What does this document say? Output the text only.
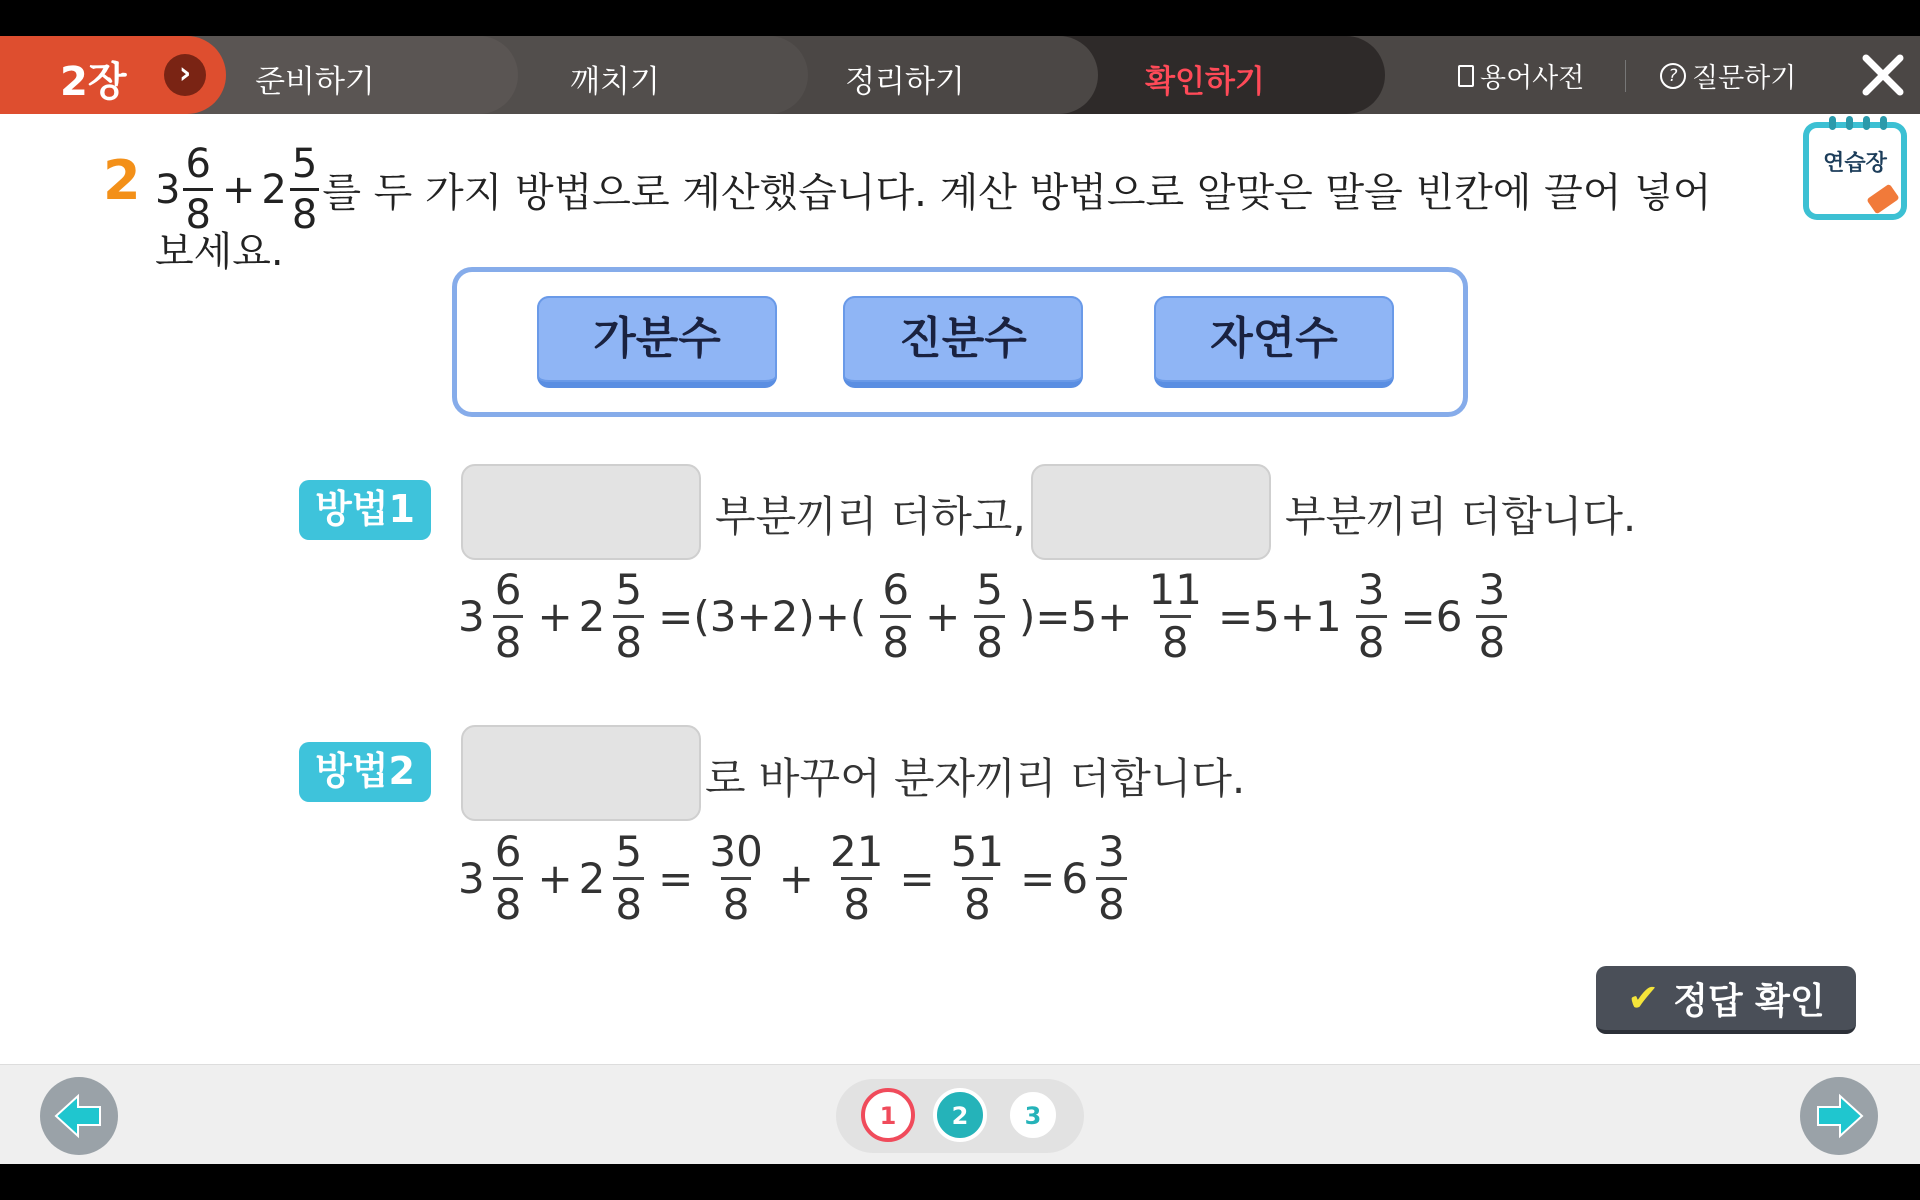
2장	›	준비하기	깨치기	정리하기	확인하기	용어사전	? 질문하기
2 $3 \frac{6}{8} + 2 \frac{5}{8}$ 를 두 가지 방법으로 계산했습니다. 계산 방법으로 알맞은 말을 빈칸에 끌어 넣어
보세요.
연습장
가분수	진분수	자연수
방법1	부분끼리 더하고,	부분끼리 더합니다.
$3 \frac{6}{8} + 2 \frac{5}{8} =(3+2)+( \frac{6}{8} + \frac{5}{8} )=5+ \frac{11}{8} =5+1 \frac{3}{8} =6 \frac{3}{8}$
방법2	로 바꾸어 분자끼리 더합니다.
$3 \frac{6}{8} + 2 \frac{5}{8} = \frac{30}{8} + \frac{21}{8} = \frac{51}{8} = 6 \frac{3}{8}$
✔ 정답 확인
1	2	3
